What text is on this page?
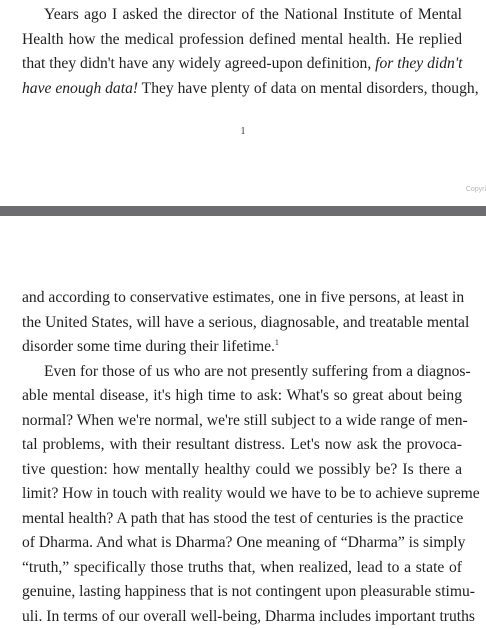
Years ago I asked the director of the National Institute of Mental
Health how the medical profession defined mental health. He replied
that they didn't have any widely agreed-upon definition, for they didn't
have enough data! They have plenty of data on mental disorders, though,
1
Copyri
and according to conservative estimates, one in five persons, at least in
the United States, will have a serious, diagnosable, and treatable mental
disorder some time during their lifetime.$^1$
Even for those of us who are not presently suffering from a diagnos-
able mental disease, it's high time to ask: What's so great about being
normal? When we're normal, we're still subject to a wide range of men-
tal problems, with their resultant distress. Let's now ask the provoca-
tive question: how mentally healthy could we possibly be? Is there a
limit? How in touch with reality would we have to be to achieve supreme
mental health? A path that has stood the test of centuries is the practice
of Dharma. And what is Dharma? One meaning of “Dharma” is simply
“truth,” specifically those truths that, when realized, lead to a state of
genuine, lasting happiness that is not contingent upon pleasurable stimu-
uli. In terms of our overall well-being, Dharma includes important truths
